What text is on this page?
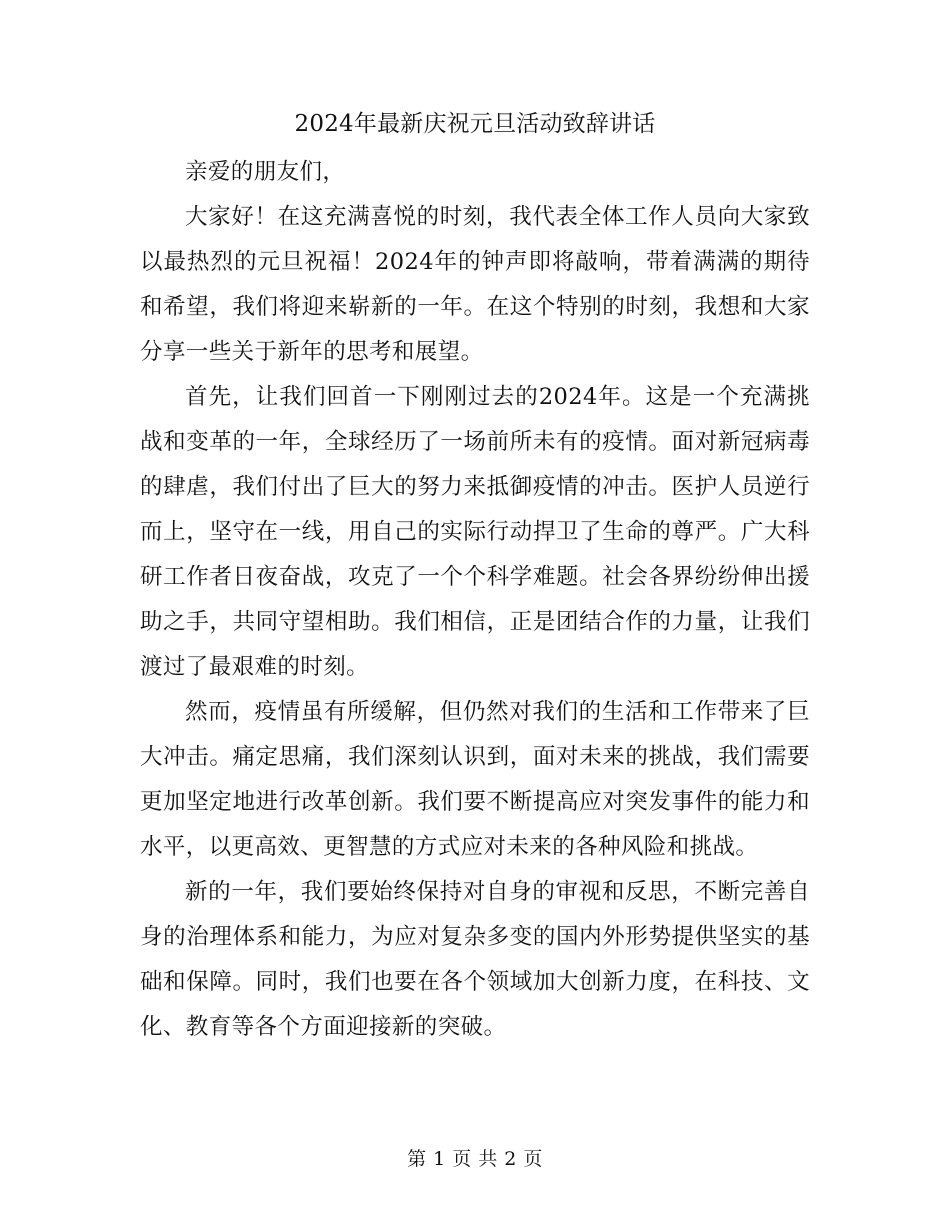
2024年最新庆祝元旦活动致辞讲话

亲爱的朋友们，

大家好！在这充满喜悦的时刻，我代表全体工作人员向大家致以最热烈的元旦祝福！2024年的钟声即将敲响，带着满满的期待和希望，我们将迎来崭新的一年。在这个特别的时刻，我想和大家分享一些关于新年的思考和展望。

首先，让我们回首一下刚刚过去的2024年。这是一个充满挑战和变革的一年，全球经历了一场前所未有的疫情。面对新冠病毒的肆虐，我们付出了巨大的努力来抵御疫情的冲击。医护人员逆行而上，坚守在一线，用自己的实际行动捍卫了生命的尊严。广大科研工作者日夜奋战，攻克了一个个科学难题。社会各界纷纷伸出援助之手，共同守望相助。我们相信，正是团结合作的力量，让我们渡过了最艰难的时刻。

然而，疫情虽有所缓解，但仍然对我们的生活和工作带来了巨大冲击。痛定思痛，我们深刻认识到，面对未来的挑战，我们需要更加坚定地进行改革创新。我们要不断提高应对突发事件的能力和水平，以更高效、更智慧的方式应对未来的各种风险和挑战。

新的一年，我们要始终保持对自身的审视和反思，不断完善自身的治理体系和能力，为应对复杂多变的国内外形势提供坚实的基础和保障。同时，我们也要在各个领域加大创新力度，在科技、文化、教育等各个方面迎接新的突破。

第 1 页 共 2 页
